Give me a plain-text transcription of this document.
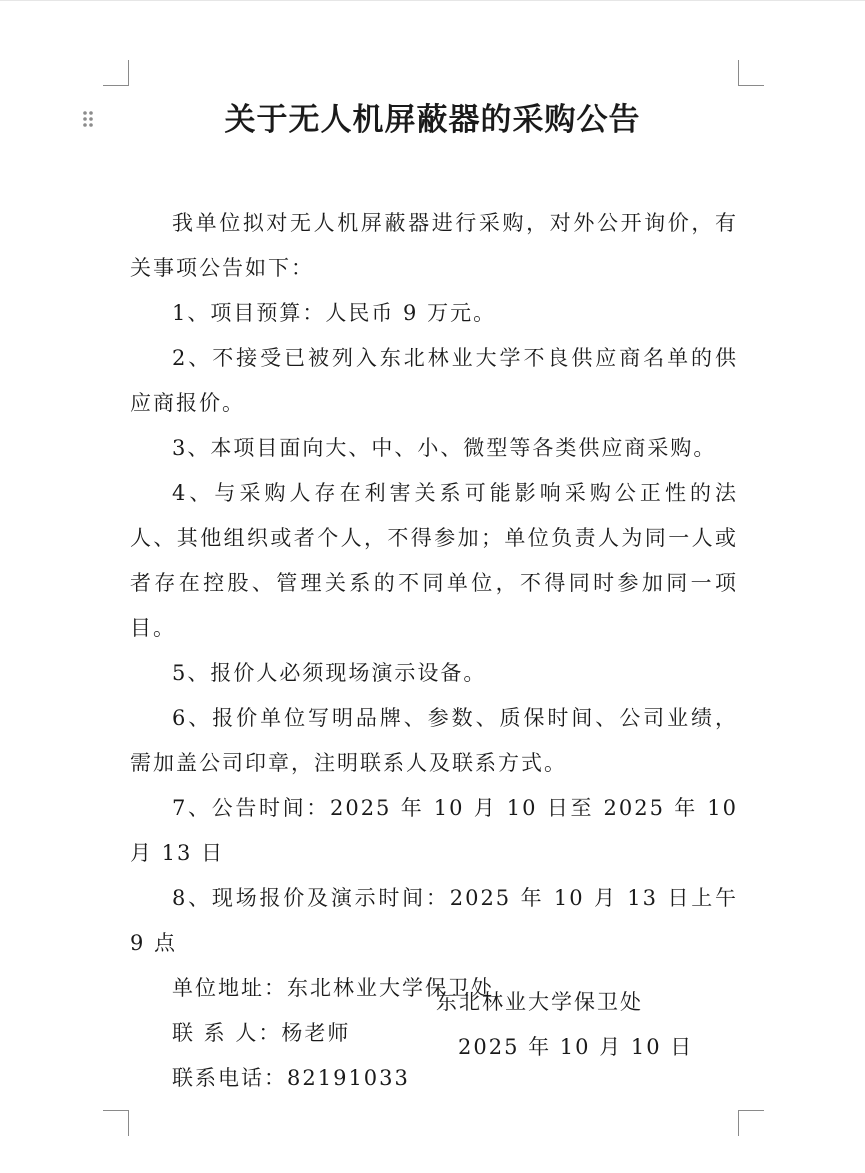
关于无人机屏蔽器的采购公告

我单位拟对无人机屏蔽器进行采购，对外公开询价，有关事项公告如下：

1、项目预算：人民币 9 万元。

2、不接受已被列入东北林业大学不良供应商名单的供应商报价。

3、本项目面向大、中、小、微型等各类供应商采购。

4、与采购人存在利害关系可能影响采购公正性的法人、其他组织或者个人，不得参加；单位负责人为同一人或者存在控股、管理关系的不同单位，不得同时参加同一项目。

5、报价人必须现场演示设备。

6、报价单位写明品牌、参数、质保时间、公司业绩，需加盖公司印章，注明联系人及联系方式。

7、公告时间：2025 年 10 月 10 日至 2025 年 10 月 13 日

8、现场报价及演示时间：2025 年 10 月 13 日上午 9 点

单位地址：东北林业大学保卫处

联 系 人：杨老师

联系电话：82191033

东北林业大学保卫处
2025 年 10 月 10 日
